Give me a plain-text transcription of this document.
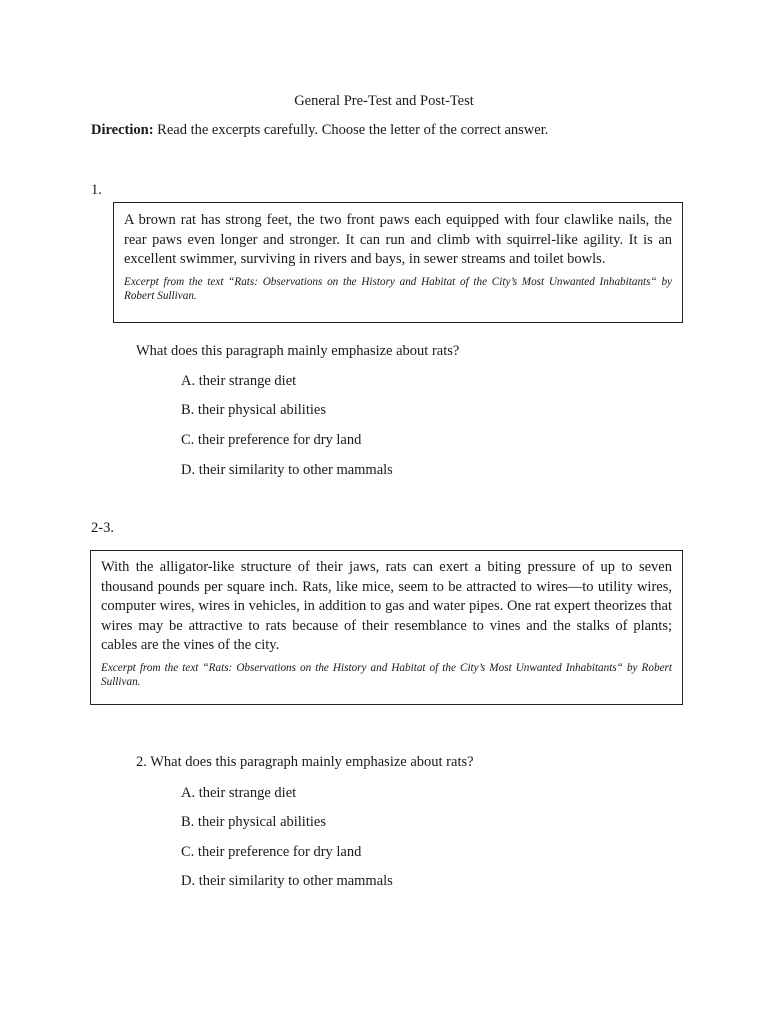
General Pre-Test and Post-Test
Direction: Read the excerpts carefully. Choose the letter of the correct answer.
1.

A brown rat has strong feet, the two front paws each equipped with four clawlike nails, the rear paws even longer and stronger. It can run and climb with squirrel-like agility. It is an excellent swimmer, surviving in rivers and bays, in sewer streams and toilet bowls.

Excerpt from the text “Rats: Observations on the History and Habitat of the City’s Most Unwanted Inhabitants“ by Robert Sullivan.

What does this paragraph mainly emphasize about rats?
A. their strange diet
B. their physical abilities
C. their preference for dry land
D. their similarity to other mammals
2-3.

With the alligator-like structure of their jaws, rats can exert a biting pressure of up to seven thousand pounds per square inch. Rats, like mice, seem to be attracted to wires—to utility wires, computer wires, wires in vehicles, in addition to gas and water pipes. One rat expert theorizes that wires may be attractive to rats because of their resemblance to vines and the stalks of plants; cables are the vines of the city.

Excerpt from the text “Rats: Observations on the History and Habitat of the City’s Most Unwanted Inhabitants“ by Robert Sullivan.

2. What does this paragraph mainly emphasize about rats?
A. their strange diet
B. their physical abilities
C. their preference for dry land
D. their similarity to other mammals
